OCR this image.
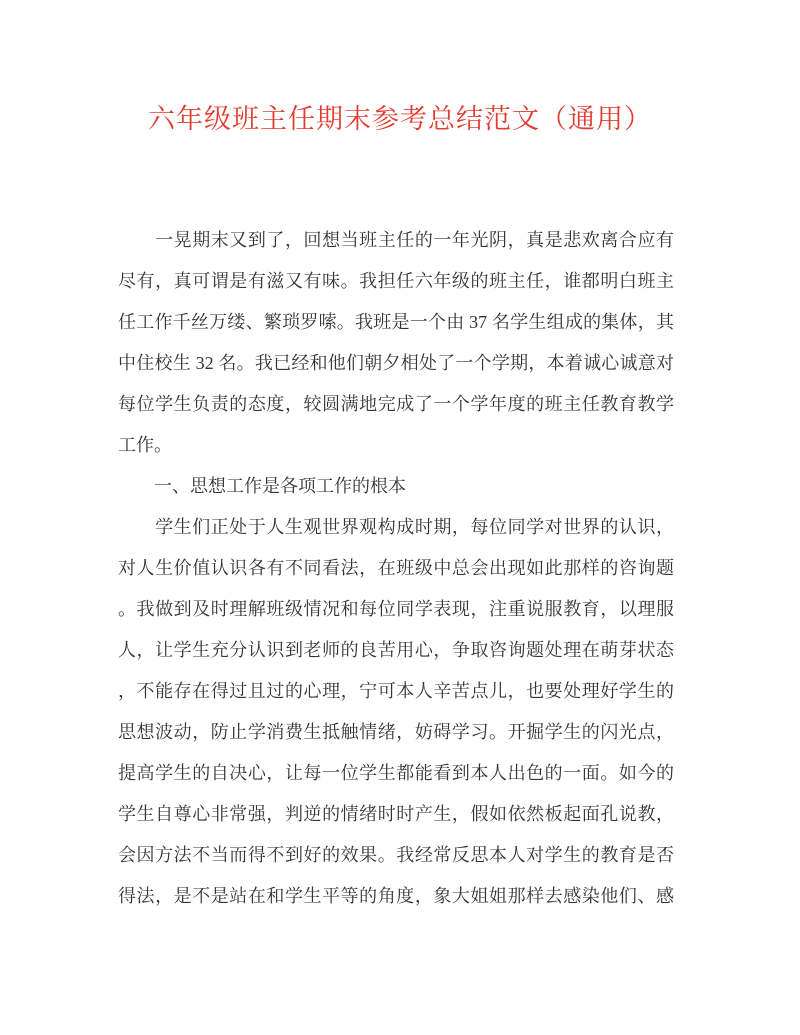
六年级班主任期末参考总结范文（通用）
　　一晃期末又到了，回想当班主任的一年光阴，真是悲欢离合应有
尽有，真可谓是有滋又有味。我担任六年级的班主任，谁都明白班主
任工作千丝万缕、繁琐罗嗦。我班是一个由 37 名学生组成的集体，其
中住校生 32 名。我已经和他们朝夕相处了一个学期，本着诚心诚意对
每位学生负责的态度，较圆满地完成了一个学年度的班主任教育教学
工作。
　　一、思想工作是各项工作的根本
　　学生们正处于人生观世界观构成时期，每位同学对世界的认识，
对人生价值认识各有不同看法，在班级中总会出现如此那样的咨询题
。我做到及时理解班级情况和每位同学表现，注重说服教育，以理服
人，让学生充分认识到老师的良苦用心，争取咨询题处理在萌芽状态
，不能存在得过且过的心理，宁可本人辛苦点儿，也要处理好学生的
思想波动，防止学消费生抵触情绪，妨碍学习。开掘学生的闪光点，
提高学生的自决心，让每一位学生都能看到本人出色的一面。如今的
学生自尊心非常强，判逆的情绪时时产生，假如依然板起面孔说教，
会因方法不当而得不到好的效果。我经常反思本人对学生的教育是否
得法，是不是站在和学生平等的角度，象大姐姐那样去感染他们、感
